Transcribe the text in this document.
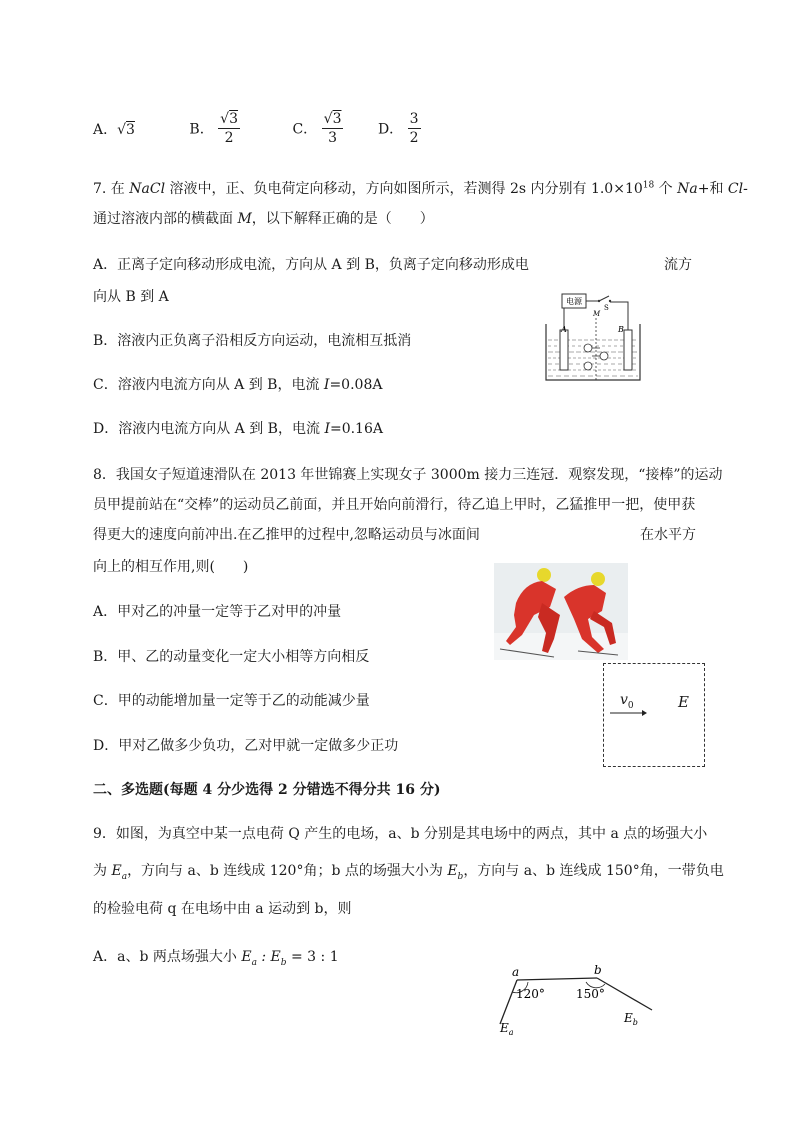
A．√3	B． $\frac{√3}{2}$	C． $\frac{√3}{3}$ D． $\frac{3}{2}$
7. 在 NaCl 溶液中，正、负电荷定向移动，方向如图所示，若测得 2s 内分别有 $1.0\times 10^{18}$ 个 Na+和 Cl-
通过溶液内部的横截面 M，以下解释正确的是（　　）
A．正离子定向移动形成电流，方向从 A 到 B，负离子定向移动形成电	流方
向从 B 到 A
B．溶液内正负离子沿相反方向运动，电流相互抵消
C．溶液内电流方向从 A 到 B，电流 I=0.08A
D．溶液内电流方向从 A 到 B，电流 I=0.16A
电源
S
A	B
M
8．我国女子短道速滑队在 2013 年世锦赛上实现女子 3000m 接力三连冠．观察发现，“接棒”的运动
员甲提前站在“交棒”的运动员乙前面，并且开始向前滑行，待乙追上甲时，乙猛推甲一把，使甲获
得更大的速度向前冲出.在乙推甲的过程中,忽略运动员与冰面间	在水平方
向上的相互作用,则(　　)
A．甲对乙的冲量一定等于乙对甲的冲量
B．甲、乙的动量变化一定大小相等方向相反
C．甲的动能增加量一定等于乙的动能减少量
D．甲对乙做多少负功，乙对甲就一定做多少正功
$v_0$	E
二、多选题(每题 4 分少选得 2 分错选不得分共 16 分)
9．如图，为真空中某一点电荷 Q 产生的电场，a、b 分别是其电场中的两点，其中 a 点的场强大小
为 $E_a$，方向与 a、b 连线成 120°角；b 点的场强大小为 $E_b$，方向与 a、b 连线成 150°角，一带负电
的检验电荷 q 在电场中由 a 运动到 b，则
A．a、b 两点场强大小 $E_a$ : $E_b = 3$ : 1
a	b
120°	150°
$E_a$
$E_b$
